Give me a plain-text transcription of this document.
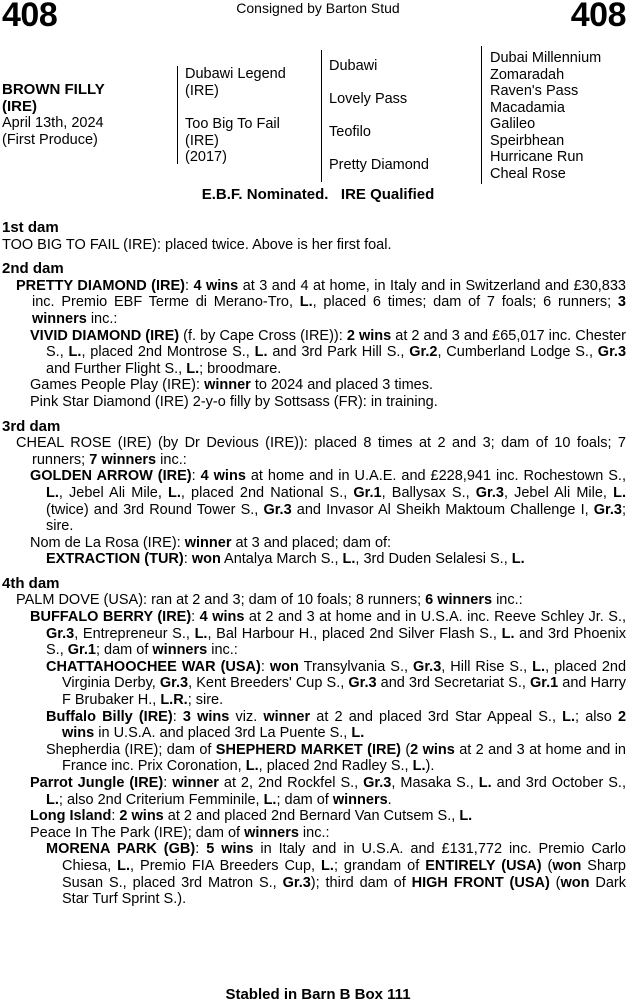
408	Consigned by Barton Stud	408
BROWN FILLY
(IRE)
April 13th, 2024
(First Produce)
Dubawi Legend
(IRE)
Too Big To Fail
(IRE)
(2017)
Dubawi
Lovely Pass
Teofilo
Pretty Diamond
Dubai Millennium
Zomaradah
Raven's Pass
Macadamia
Galileo
Speirbhean
Hurricane Run
Cheal Rose
E.B.F. Nominated.   IRE Qualified
1st dam

TOO BIG TO FAIL (IRE): placed twice. Above is her first foal.

2nd dam

PRETTY DIAMOND (IRE): 4 wins at 3 and 4 at home, in Italy and in Switzerland and £30,833 inc. Premio EBF Terme di Merano-Tro, L., placed 6 times; dam of 7 foals; 6 runners; 3 winners inc.:

VIVID DIAMOND (IRE) (f. by Cape Cross (IRE)): 2 wins at 2 and 3 and £65,017 inc. Chester S., L., placed 2nd Montrose S., L. and 3rd Park Hill S., Gr.2, Cumberland Lodge S., Gr.3 and Further Flight S., L.; broodmare.

Games People Play (IRE): winner to 2024 and placed 3 times.

Pink Star Diamond (IRE) 2-y-o filly by Sottsass (FR): in training.

3rd dam

CHEAL ROSE (IRE) (by Dr Devious (IRE)): placed 8 times at 2 and 3; dam of 10 foals; 7 runners; 7 winners inc.:

GOLDEN ARROW (IRE): 4 wins at home and in U.A.E. and £228,941 inc. Rochestown S., L., Jebel Ali Mile, L., placed 2nd National S., Gr.1, Ballysax S., Gr.3, Jebel Ali Mile, L. (twice) and 3rd Round Tower S., Gr.3 and Invasor Al Sheikh Maktoum Challenge I, Gr.3; sire.

Nom de La Rosa (IRE): winner at 3 and placed; dam of:

EXTRACTION (TUR): won Antalya March S., L., 3rd Duden Selalesi S., L.

4th dam

PALM DOVE (USA): ran at 2 and 3; dam of 10 foals; 8 runners; 6 winners inc.:

BUFFALO BERRY (IRE): 4 wins at 2 and 3 at home and in U.S.A. inc. Reeve Schley Jr. S., Gr.3, Entrepreneur S., L., Bal Harbour H., placed 2nd Silver Flash S., L. and 3rd Phoenix S., Gr.1; dam of winners inc.:

CHATTAHOOCHEE WAR (USA): won Transylvania S., Gr.3, Hill Rise S., L., placed 2nd Virginia Derby, Gr.3, Kent Breeders' Cup S., Gr.3 and 3rd Secretariat S., Gr.1 and Harry F Brubaker H., L.R.; sire.

Buffalo Billy (IRE): 3 wins viz. winner at 2 and placed 3rd Star Appeal S., L.; also 2 wins in U.S.A. and placed 3rd La Puente S., L.

Shepherdia (IRE); dam of SHEPHERD MARKET (IRE) (2 wins at 2 and 3 at home and in France inc. Prix Coronation, L., placed 2nd Radley S., L.).

Parrot Jungle (IRE): winner at 2, 2nd Rockfel S., Gr.3, Masaka S., L. and 3rd October S., L.; also 2nd Criterium Femminile, L.; dam of winners.

Long Island: 2 wins at 2 and placed 2nd Bernard Van Cutsem S., L.

Peace In The Park (IRE); dam of winners inc.:

MORENA PARK (GB): 5 wins in Italy and in U.S.A. and £131,772 inc. Premio Carlo Chiesa, L., Premio FIA Breeders Cup, L.; grandam of ENTIRELY (USA) (won Sharp Susan S., placed 3rd Matron S., Gr.3); third dam of HIGH FRONT (USA) (won Dark Star Turf Sprint S.).

Stabled in Barn B Box 111
